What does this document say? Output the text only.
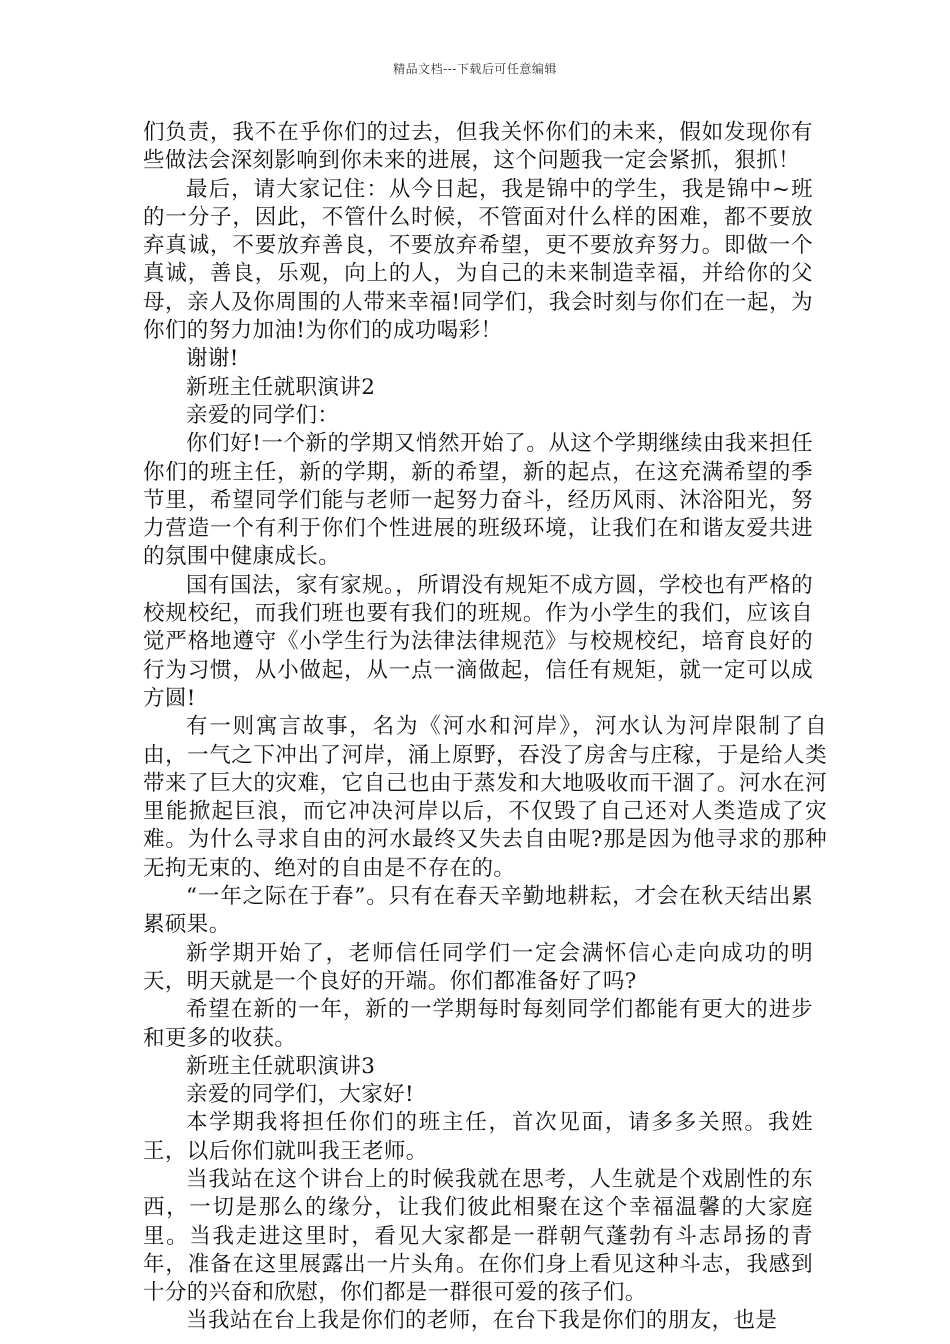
精品文档---下载后可任意编辑

们负责，我不在乎你们的过去，但我关怀你们的未来，假如发现你有些做法会深刻影响到你未来的进展，这个问题我一定会紧抓，狠抓！

最后，请大家记住：从今日起，我是锦中的学生，我是锦中~班的一分子，因此，不管什么时候，不管面对什么样的困难，都不要放弃真诚，不要放弃善良，不要放弃希望，更不要放弃努力。即做一个真诚，善良，乐观，向上的人，为自己的未来制造幸福，并给你的父母，亲人及你周围的人带来幸福!同学们，我会时刻与你们在一起，为你们的努力加油!为你们的成功喝彩！

谢谢!

新班主任就职演讲2

亲爱的同学们：

你们好!一个新的学期又悄然开始了。从这个学期继续由我来担任你们的班主任，新的学期，新的希望，新的起点，在这充满希望的季节里，希望同学们能与老师一起努力奋斗，经历风雨、沐浴阳光，努力营造一个有利于你们个性进展的班级环境，让我们在和谐友爱共进的氛围中健康成长。

国有国法，家有家规。，所谓没有规矩不成方圆，学校也有严格的校规校纪，而我们班也要有我们的班规。作为小学生的我们，应该自觉严格地遵守《小学生行为法律法律规范》与校规校纪，培育良好的行为习惯，从小做起，从一点一滴做起，信任有规矩，就一定可以成方圆!

有一则寓言故事，名为《河水和河岸》，河水认为河岸限制了自由，一气之下冲出了河岸，涌上原野，吞没了房舍与庄稼，于是给人类带来了巨大的灾难，它自己也由于蒸发和大地吸收而干涸了。河水在河里能掀起巨浪，而它冲决河岸以后，不仅毁了自己还对人类造成了灾难。为什么寻求自由的河水最终又失去自由呢?那是因为他寻求的那种无拘无束的、绝对的自由是不存在的。

“一年之际在于春”。只有在春天辛勤地耕耘，才会在秋天结出累累硕果。

新学期开始了，老师信任同学们一定会满怀信心走向成功的明天，明天就是一个良好的开端。你们都准备好了吗?

希望在新的一年，新的一学期每时每刻同学们都能有更大的进步和更多的收获。

新班主任就职演讲3

亲爱的同学们，大家好!

本学期我将担任你们的班主任，首次见面，请多多关照。我姓王，以后你们就叫我王老师。

当我站在这个讲台上的时候我就在思考，人生就是个戏剧性的东西，一切是那么的缘分，让我们彼此相聚在这个幸福温馨的大家庭里。当我走进这里时，看见大家都是一群朝气蓬勃有斗志昂扬的青年，准备在这里展露出一片头角。在你们身上看见这种斗志，我感到十分的兴奋和欣慰，你们都是一群很可爱的孩子们。

当我站在台上我是你们的老师，在台下我是你们的朋友，也是
